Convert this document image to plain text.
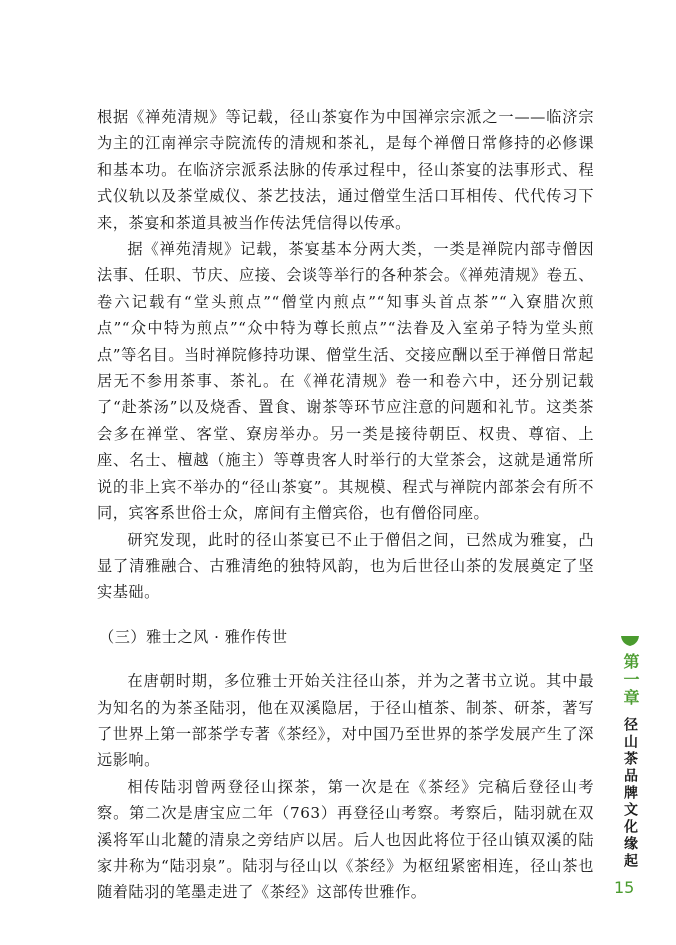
根据《禅苑清规》等记载，径山茶宴作为中国禅宗宗派之一——临济宗为主的江南禅宗寺院流传的清规和茶礼，是每个禅僧日常修持的必修课和基本功。在临济宗派系法脉的传承过程中，径山茶宴的法事形式、程式仪轨以及茶堂威仪、茶艺技法，通过僧堂生活口耳相传、代代传习下来，茶宴和茶道具被当作传法凭信得以传承。

据《禅苑清规》记载，茶宴基本分两大类，一类是禅院内部寺僧因法事、任职、节庆、应接、会谈等举行的各种茶会。《禅苑清规》卷五、卷六记载有“堂头煎点”“僧堂内煎点”“知事头首点茶”“入寮腊次煎点”“众中特为煎点”“众中特为尊长煎点”“法眷及入室弟子特为堂头煎点”等名目。当时禅院修持功课、僧堂生活、交接应酬以至于禅僧日常起居无不参用茶事、茶礼。在《禅花清规》卷一和卷六中，还分别记载了“赴茶汤”以及烧香、置食、谢茶等环节应注意的问题和礼节。这类茶会多在禅堂、客堂、寮房举办。另一类是接待朝臣、权贵、尊宿、上座、名士、檀越（施主）等尊贵客人时举行的大堂茶会，这就是通常所说的非上宾不举办的“径山茶宴”。其规模、程式与禅院内部茶会有所不同，宾客系世俗士众，席间有主僧宾俗，也有僧俗同座。

研究发现，此时的径山茶宴已不止于僧侣之间，已然成为雅宴，凸显了清雅融合、古雅清绝的独特风韵，也为后世径山茶的发展奠定了坚实基础。

（三）雅士之风 · 雅作传世

在唐朝时期，多位雅士开始关注径山茶，并为之著书立说。其中最为知名的为茶圣陆羽，他在双溪隐居，于径山植茶、制茶、研茶，著写了世界上第一部茶学专著《茶经》，对中国乃至世界的茶学发展产生了深远影响。

相传陆羽曾两登径山探茶，第一次是在《茶经》完稿后登径山考察。第二次是唐宝应二年（763）再登径山考察。考察后，陆羽就在双溪将军山北麓的清泉之旁结庐以居。后人也因此将位于径山镇双溪的陆家井称为“陆羽泉”。陆羽与径山以《茶经》为枢纽紧密相连，径山茶也随着陆羽的笔墨走进了《茶经》这部传世雅作。

第一章
径山茶品牌文化缘起
15
